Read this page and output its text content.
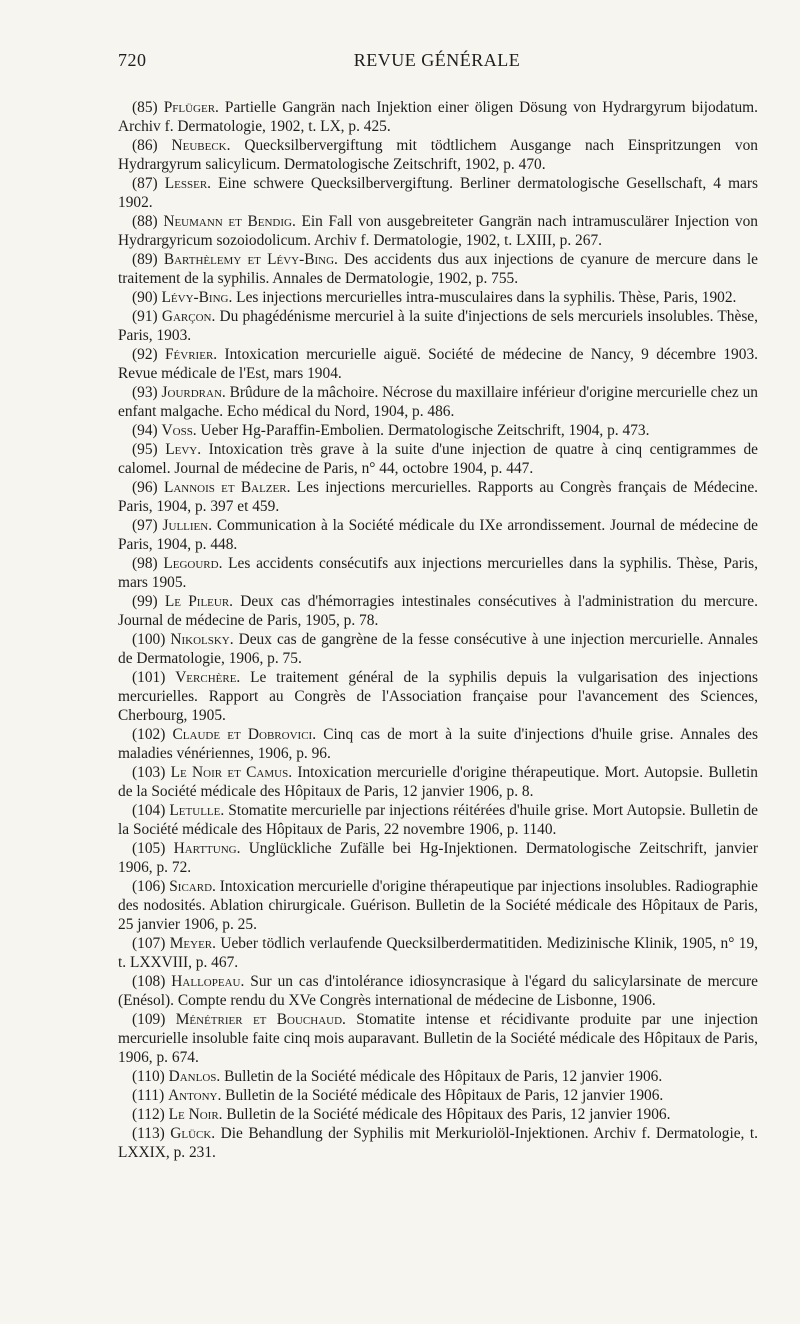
720	REVUE GÉNÉRALE

(85) Pflüger. Partielle Gangrän nach Injektion einer öligen Dösung von Hydrargyrum bijodatum. Archiv f. Dermatologie, 1902, t. LX, p. 425.

(86) Neubeck. Quecksilbervergiftung mit tödtlichem Ausgange nach Einspritzungen von Hydrargyrum salicylicum. Dermatologische Zeitschrift, 1902, p. 470.

(87) Lesser. Eine schwere Quecksilbervergiftung. Berliner dermatologische Gesellschaft, 4 mars 1902.

(88) Neumann et Bendig. Ein Fall von ausgebreiteter Gangrän nach intramusculärer Injection von Hydrargyricum sozoiodolicum. Archiv f. Dermatologie, 1902, t. LXIII, p. 267.

(89) Barthèlemy et Lévy-Bing. Des accidents dus aux injections de cyanure de mercure dans le traitement de la syphilis. Annales de Dermatologie, 1902, p. 755.

(90) Lévy-Bing. Les injections mercurielles intra-musculaires dans la syphilis. Thèse, Paris, 1902.

(91) Garçon. Du phagédénisme mercuriel à la suite d'injections de sels mercuriels insolubles. Thèse, Paris, 1903.

(92) Février. Intoxication mercurielle aiguë. Société de médecine de Nancy, 9 décembre 1903. Revue médicale de l'Est, mars 1904.

(93) Jourdran. Brûdure de la mâchoire. Nécrose du maxillaire inférieur d'origine mercurielle chez un enfant malgache. Echo médical du Nord, 1904, p. 486.

(94) Voss. Ueber Hg-Paraffin-Embolien. Dermatologische Zeitschrift, 1904, p. 473.

(95) Levy. Intoxication très grave à la suite d'une injection de quatre à cinq centigrammes de calomel. Journal de médecine de Paris, n° 44, octobre 1904, p. 447.

(96) Lannois et Balzer. Les injections mercurielles. Rapports au Congrès français de Médecine. Paris, 1904, p. 397 et 459.

(97) Jullien. Communication à la Société médicale du IXe arrondissement. Journal de médecine de Paris, 1904, p. 448.

(98) Legourd. Les accidents consécutifs aux injections mercurielles dans la syphilis. Thèse, Paris, mars 1905.

(99) Le Pileur. Deux cas d'hémorragies intestinales consécutives à l'administration du mercure. Journal de médecine de Paris, 1905, p. 78.

(100) Nikolsky. Deux cas de gangrène de la fesse consécutive à une injection mercurielle. Annales de Dermatologie, 1906, p. 75.

(101) Verchère. Le traitement général de la syphilis depuis la vulgarisation des injections mercurielles. Rapport au Congrès de l'Association française pour l'avancement des Sciences, Cherbourg, 1905.

(102) Claude et Dobrovici. Cinq cas de mort à la suite d'injections d'huile grise. Annales des maladies vénériennes, 1906, p. 96.

(103) Le Noir et Camus. Intoxication mercurielle d'origine thérapeutique. Mort. Autopsie. Bulletin de la Société médicale des Hôpitaux de Paris, 12 janvier 1906, p. 8.

(104) Letulle. Stomatite mercurielle par injections réitérées d'huile grise. Mort Autopsie. Bulletin de la Société médicale des Hôpitaux de Paris, 22 novembre 1906, p. 1140.

(105) Harttung. Unglückliche Zufälle bei Hg-Injektionen. Dermatologische Zeitschrift, janvier 1906, p. 72.

(106) Sicard. Intoxication mercurielle d'origine thérapeutique par injections insolubles. Radiographie des nodosités. Ablation chirurgicale. Guérison. Bulletin de la Société médicale des Hôpitaux de Paris, 25 janvier 1906, p. 25.

(107) Meyer. Ueber tödlich verlaufende Quecksilberdermatitiden. Medizinische Klinik, 1905, n° 19, t. LXXVIII, p. 467.

(108) Hallopeau. Sur un cas d'intolérance idiosyncrasique à l'égard du salicylarsinate de mercure (Enésol). Compte rendu du XVe Congrès international de médecine de Lisbonne, 1906.

(109) Ménétrier et Bouchaud. Stomatite intense et récidivante produite par une injection mercurielle insoluble faite cinq mois auparavant. Bulletin de la Société médicale des Hôpitaux de Paris, 1906, p. 674.

(110) Danlos. Bulletin de la Société médicale des Hôpitaux de Paris, 12 janvier 1906.

(111) Antony. Bulletin de la Société médicale des Hôpitaux de Paris, 12 janvier 1906.

(112) Le Noir. Bulletin de la Société médicale des Hôpitaux des Paris, 12 janvier 1906.

(113) Glück. Die Behandlung der Syphilis mit Merkuriolöl-Injektionen. Archiv f. Dermatologie, t. LXXIX, p. 231.
